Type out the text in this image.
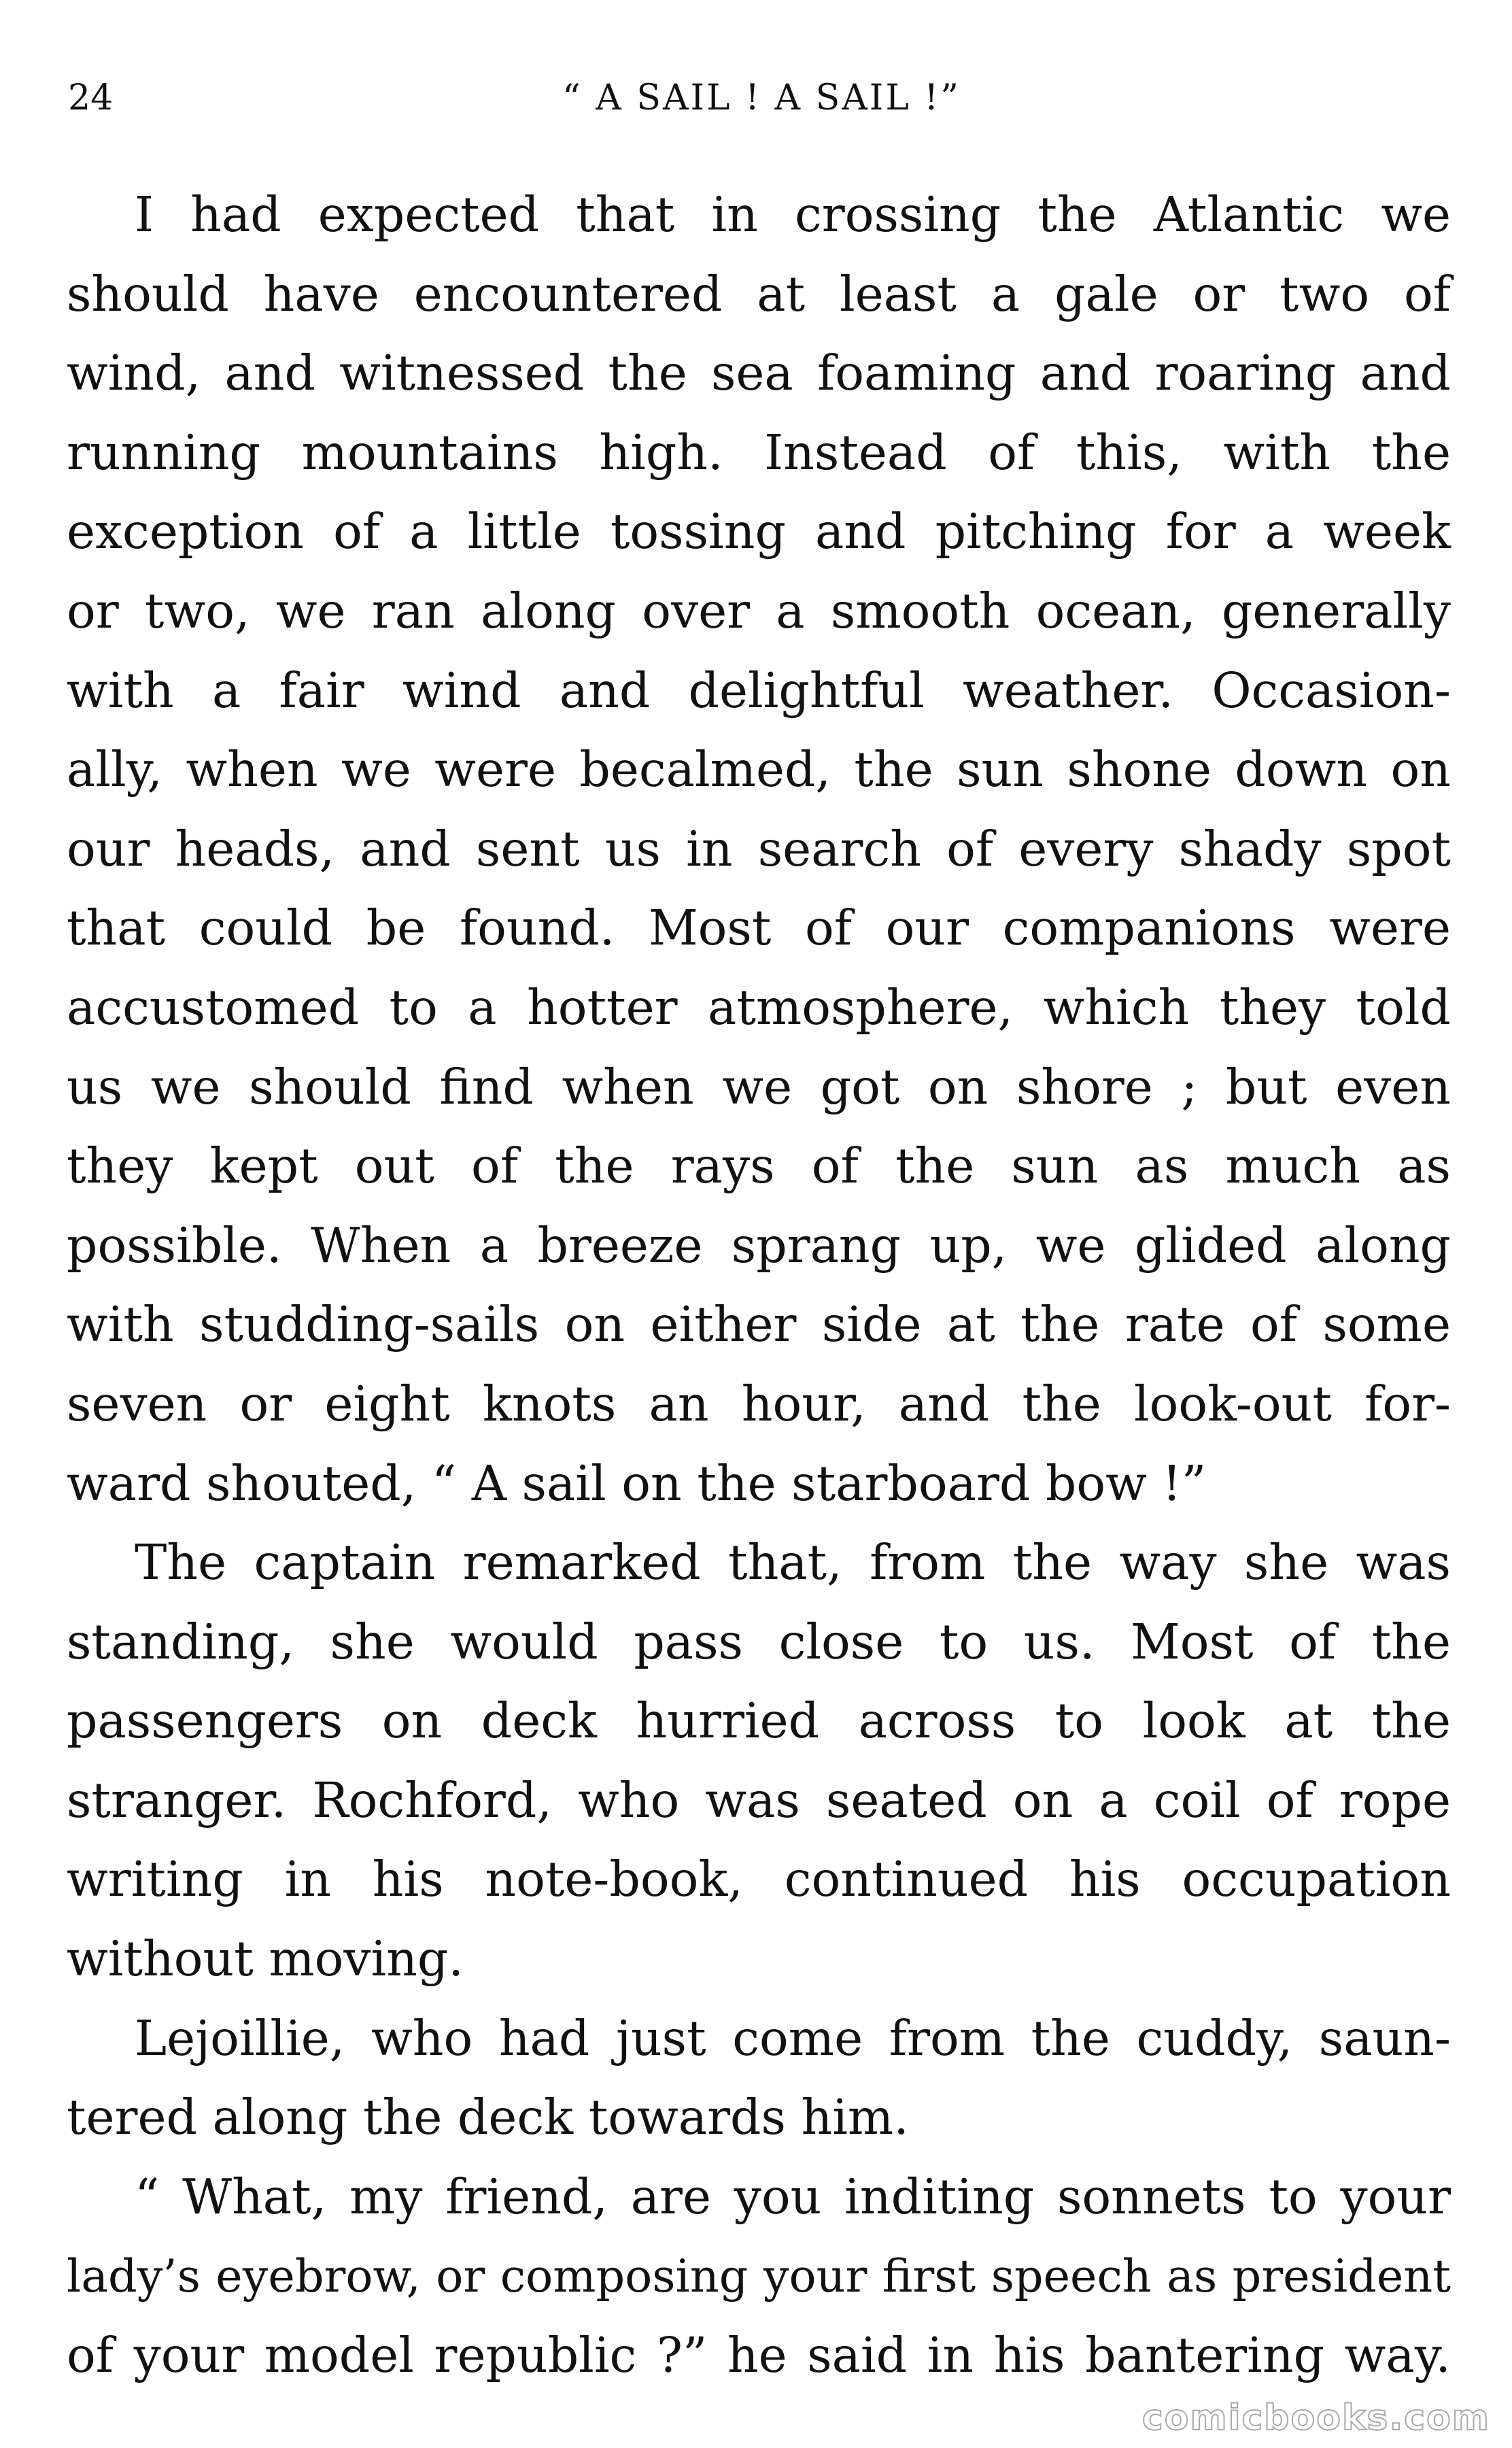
24	“ A SAIL ! A SAIL !”

I had expected that in crossing the Atlantic we
should have encountered at least a gale or two of
wind, and witnessed the sea foaming and roaring and
running mountains high. Instead of this, with the
exception of a little tossing and pitching for a week
or two, we ran along over a smooth ocean, generally
with a fair wind and delightful weather. Occasion-
ally, when we were becalmed, the sun shone down on
our heads, and sent us in search of every shady spot
that could be found. Most of our companions were
accustomed to a hotter atmosphere, which they told
us we should find when we got on shore ; but even
they kept out of the rays of the sun as much as
possible. When a breeze sprang up, we glided along
with studding-sails on either side at the rate of some
seven or eight knots an hour, and the look-out for-
ward shouted, “ A sail on the starboard bow !”

The captain remarked that, from the way she was
standing, she would pass close to us. Most of the
passengers on deck hurried across to look at the
stranger. Rochford, who was seated on a coil of rope
writing in his note-book, continued his occupation
without moving.

Lejoillie, who had just come from the cuddy, saun-
tered along the deck towards him.

“ What, my friend, are you inditing sonnets to your
lady’s eyebrow, or composing your first speech as president
of your model republic ?” he said in his bantering way.

comicbooks.com
